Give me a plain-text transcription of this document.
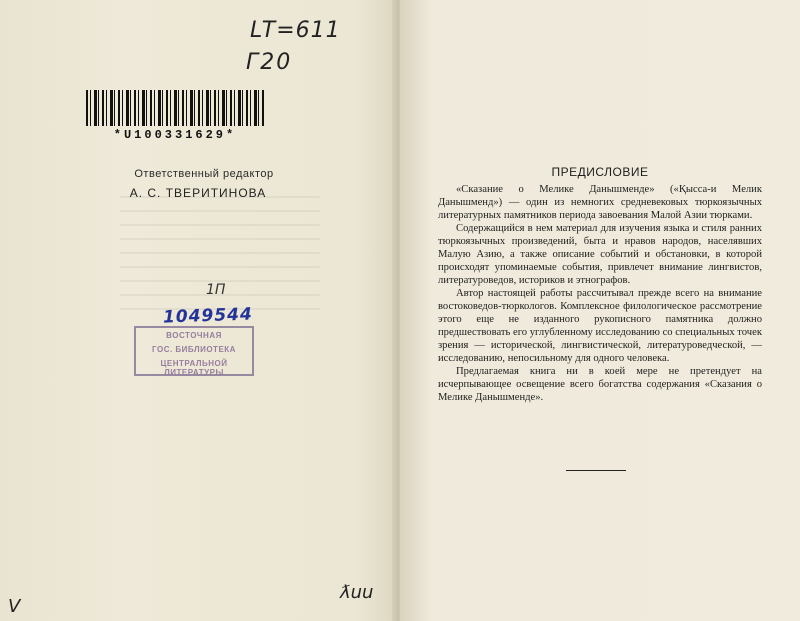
LT=611
Г20
*U100331629*
Ответственный редактор
А. С. ТВЕРИТИНОВА
1П
1049544
ВОСТОЧНАЯ
ГОС. БИБЛИОТЕКА
ЦЕНТРАЛЬНОЙ ЛИТЕРАТУРЫ
V
ƛuu
ПРЕДИСЛОВИЕ

«Сказание о Мелике Данышменде» («Қысса-и Мелик Данышменд») — один из немногих средневековых тюркоязычных литературных памятников периода завоевания Малой Азии тюрками.

Содержащийся в нем материал для изучения языка и стиля ранних тюркоязычных произведений, быта и нравов народов, населявших Малую Азию, а также описание событий и обстановки, в которой происходят упоминаемые события, привлечет внимание лингвистов, литературоведов, историков и этнографов.

Автор настоящей работы рассчитывал прежде всего на внимание востоковедов-тюркологов. Комплексное филологическое рассмотрение этого еще не изданного рукописного памятника должно предшествовать его углубленному исследованию со специальных точек зрения — исторической, лингвистической, литературоведческой, — исследованию, непосильному для одного человека.

Предлагаемая книга ни в коей мере не претендует на исчерпывающее освещение всего богатства содержания «Сказания о Мелике Данышменде».
